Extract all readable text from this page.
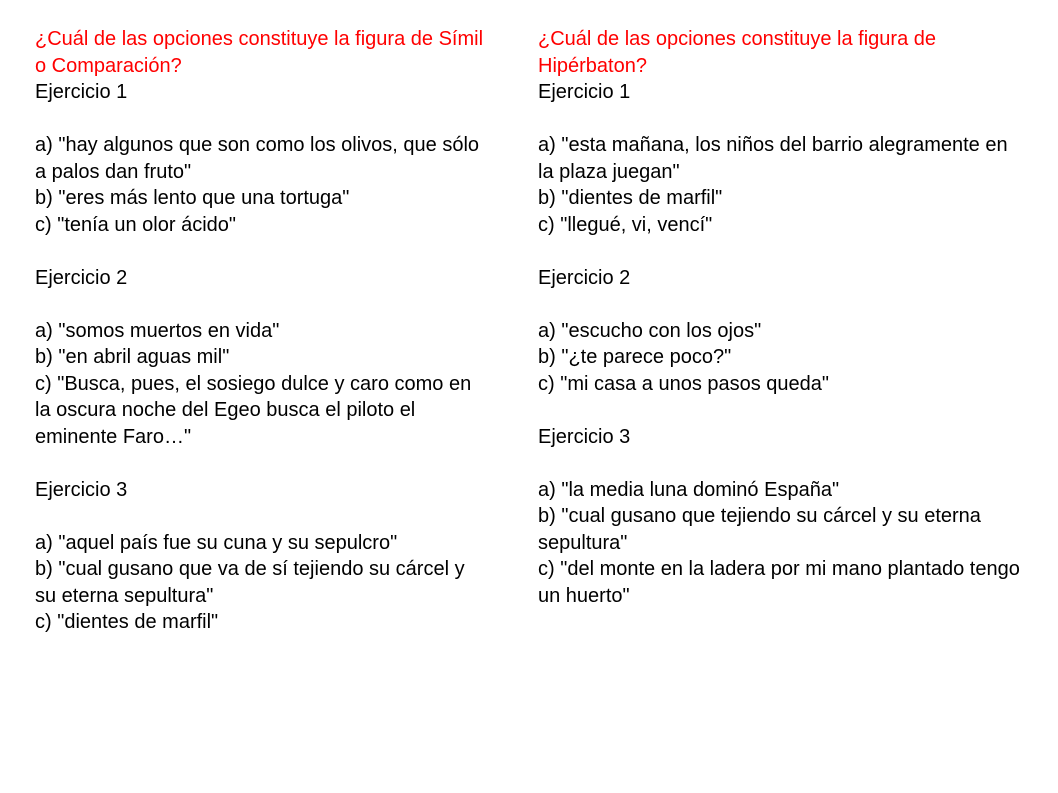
¿Cuál de las opciones constituye la figura de Símil o Comparación?

Ejercicio 1

a) "hay algunos que son como los olivos, que sólo a palos dan fruto"

b) "eres más lento que una tortuga"

c) "tenía un olor ácido"

Ejercicio 2

a) "somos muertos en vida"

b) "en abril aguas mil"

c) "Busca, pues, el sosiego dulce y caro como en la oscura noche del Egeo busca el piloto el eminente Faro…"

Ejercicio 3

a) "aquel país fue su cuna y su sepulcro"

b) "cual gusano que va de sí tejiendo su cárcel y su eterna sepultura"

c) "dientes de marfil"

¿Cuál de las opciones constituye la figura de Hipérbaton?

Ejercicio 1

a) "esta mañana, los niños del barrio alegramente en la plaza juegan"

b) "dientes de marfil"

c) "llegué, vi, vencí"

Ejercicio 2

a) "escucho con los ojos"

b) "¿te parece poco?"

c) "mi casa a unos pasos queda"

Ejercicio 3

a) "la media luna dominó España"

b) "cual gusano que tejiendo su cárcel y su eterna sepultura"

c) "del monte en la ladera por mi mano plantado tengo un huerto"
